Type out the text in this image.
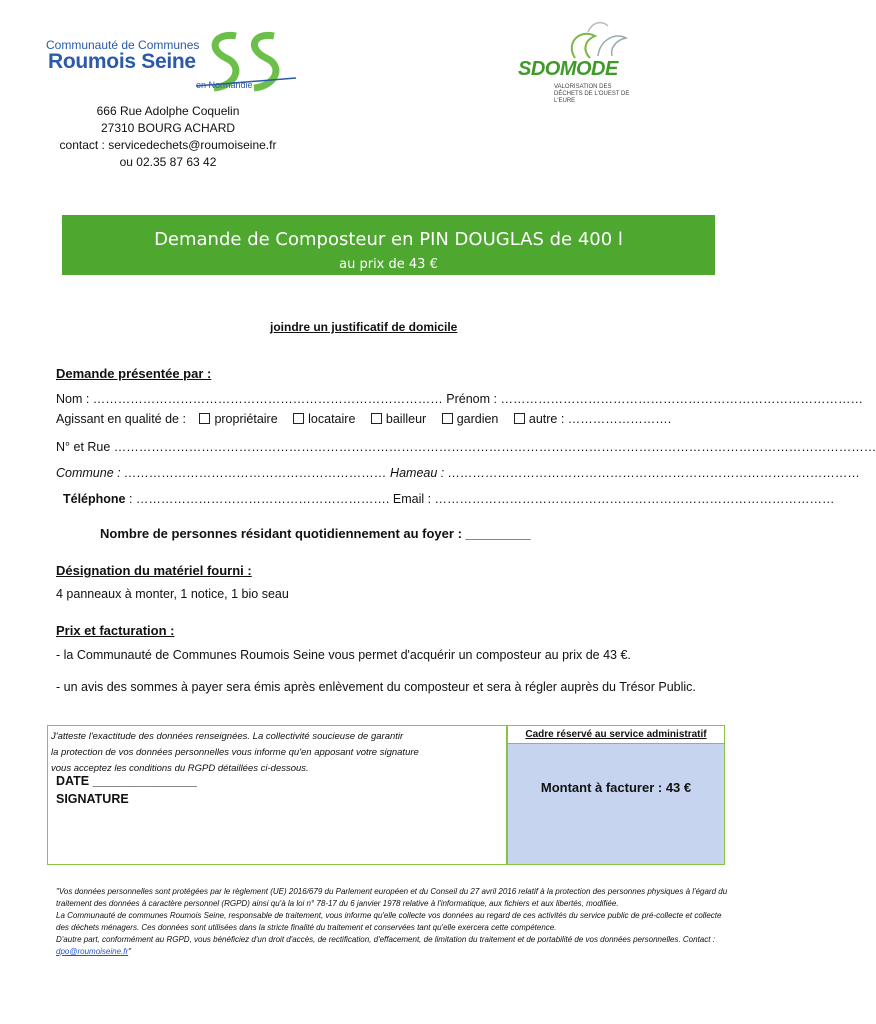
Communauté de Communes
Roumois Seine
en Normandie
SDOMODE
VALORISATION DES DÉCHETS DE L'OUEST DE L'EURE
666 Rue Adolphe Coquelin
27310 BOURG ACHARD
contact : servicedechets@roumoiseine.fr
ou 02.35 87 63 42
Demande de Composteur en PIN DOUGLAS de 400 l
au prix de 43 €
joindre un justificatif de domicile
Demande présentée par :
Nom : ………………………………………………………………………… Prénom : ……………………………………………………………………………
Agissant en qualité de : propriétaire locataire bailleur gardien autre : …………………….
N° et Rue …………………………………………………………………………………………………………………………………………………………………
Commune : ……………………………………………………… Hameau : ………………………………………………………………………………………
Téléphone : ……………………………………………………. Email : ……………………………………………………………………………………
Nombre de personnes résidant quotidiennement au foyer : _________
Désignation du matériel fourni :
4 panneaux à monter, 1 notice, 1 bio seau
Prix et facturation :
- la Communauté de Communes Roumois Seine vous permet d'acquérir un composteur au prix de 43 €.
- un avis des sommes à payer sera émis après enlèvement du composteur et sera à régler auprès du Trésor Public.
J'atteste l'exactitude des données renseignées. La collectivité soucieuse de garantir
la protection de vos données personnelles vous informe qu'en apposant votre signature
vous acceptez les conditions du RGPD détaillées ci-dessous.
DATE _______________
SIGNATURE
Cadre réservé au service administratif
Montant à facturer : 43 €

"Vos données personnelles sont protégées par le règlement (UE) 2016/679 du Parlement européen et du Conseil du 27 avril 2016 relatif à la protection des personnes physiques à l'égard du traitement des données à caractère personnel (RGPD) ainsi qu'à la loi n° 78-17 du 6 janvier 1978 relative à l'informatique, aux fichiers et aux libertés, modifiée.

La Communauté de communes Roumois Seine, responsable de traitement, vous informe qu'elle collecte vos données au regard de ces activités du service public de pré-collecte et collecte des déchets ménagers. Ces données sont utilisées dans la stricte finalité du traitement et conservées tant qu'elle exercera cette compétence.

D'autre part, conformément au RGPD, vous bénéficiez d'un droit d'accès, de rectification, d'effacement, de limitation du traitement et de portabilité de vos données personnelles. Contact : dpo@roumoiseine.fr"
